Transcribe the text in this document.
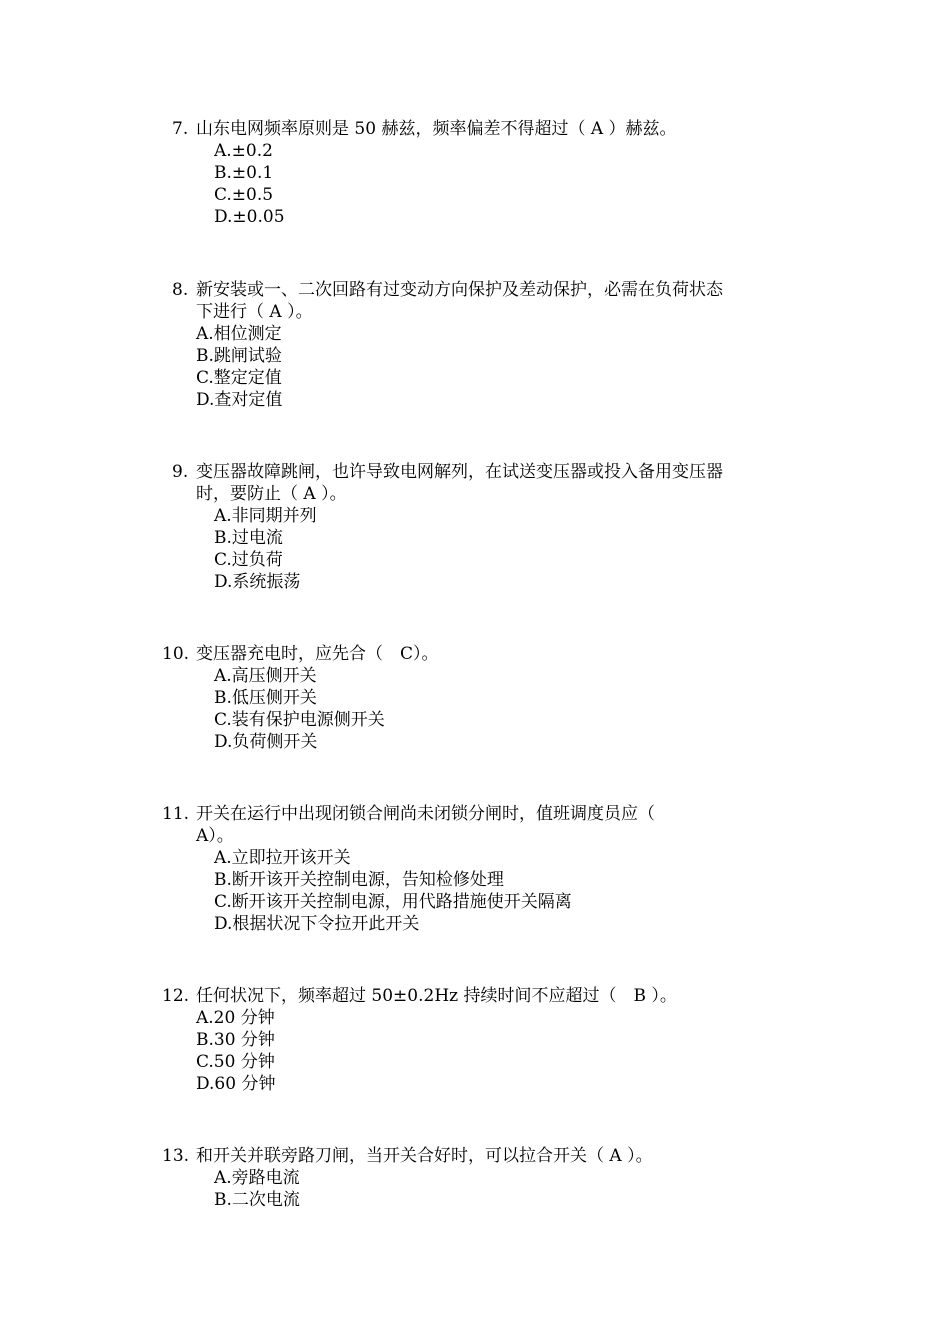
7. 山东电网频率原则是 50 赫兹，频率偏差不得超过（ A ）赫兹。
A.±0.2
B.±0.1
C.±0.5
D.±0.05
8. 新安装或一、二次回路有过变动方向保护及差动保护，必需在负荷状态
下进行（ A ）。
A.相位测定
B.跳闸试验
C.整定定值
D.查对定值
9. 变压器故障跳闸，也许导致电网解列，在试送变压器或投入备用变压器
时，要防止（ A ）。
A.非同期并列
B.过电流
C.过负荷
D.系统振荡
10. 变压器充电时，应先合（　C）。
A.高压侧开关
B.低压侧开关
C.装有保护电源侧开关
D.负荷侧开关
11. 开关在运行中出现闭锁合闸尚未闭锁分闸时，值班调度员应（
A）。
A.立即拉开该开关
B.断开该开关控制电源，告知检修处理
C.断开该开关控制电源，用代路措施使开关隔离
D.根据状况下令拉开此开关
12. 任何状况下，频率超过 50±0.2Hz 持续时间不应超过（　B ）。
A.20 分钟
B.30 分钟
C.50 分钟
D.60 分钟
13. 和开关并联旁路刀闸，当开关合好时，可以拉合开关（ A ）。
A.旁路电流
B.二次电流
